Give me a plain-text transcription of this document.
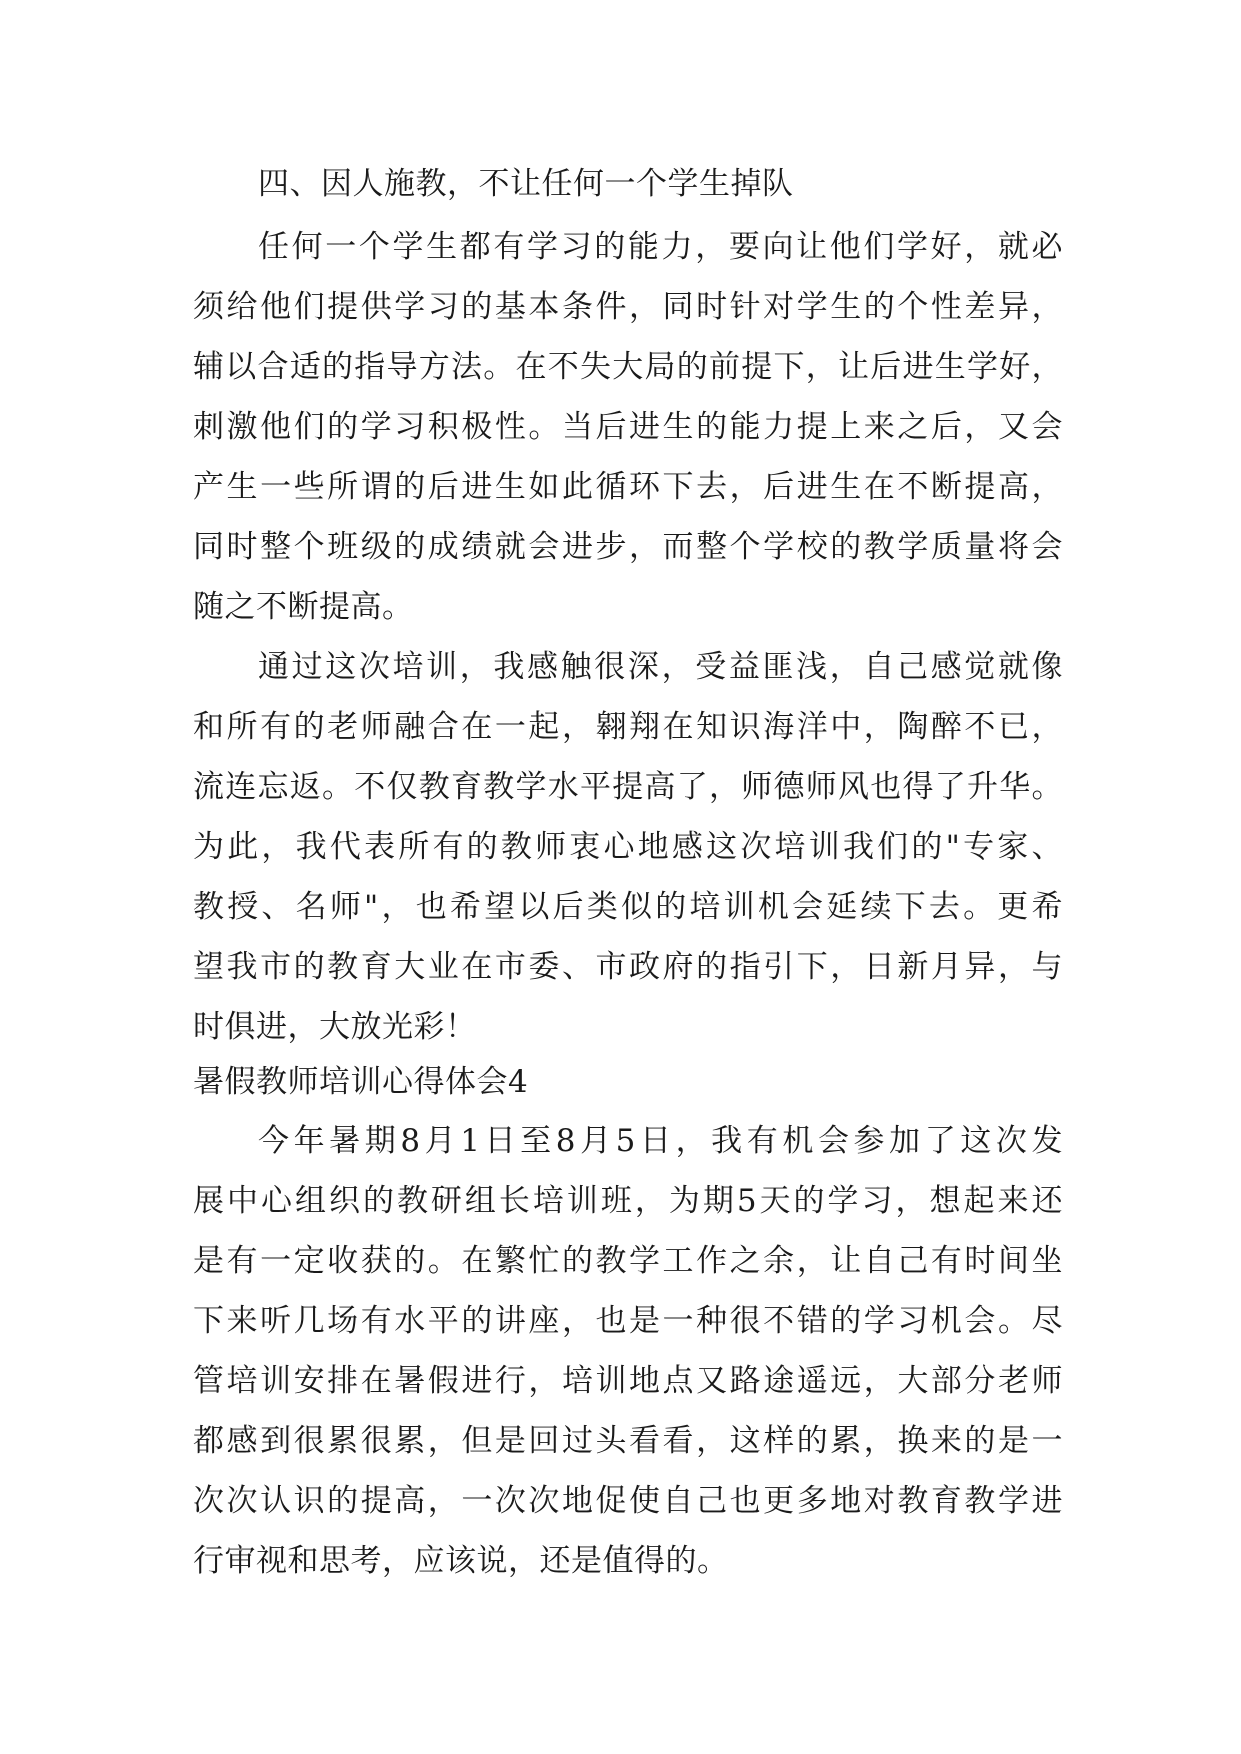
四、因人施教，不让任何一个学生掉队
任何一个学生都有学习的能力，要向让他们学好，就必
须给他们提供学习的基本条件，同时针对学生的个性差异，
辅以合适的指导方法。在不失大局的前提下，让后进生学好，
刺激他们的学习积极性。当后进生的能力提上来之后，又会
产生一些所谓的后进生如此循环下去，后进生在不断提高，
同时整个班级的成绩就会进步，而整个学校的教学质量将会
随之不断提高。
通过这次培训，我感触很深，受益匪浅，自己感觉就像
和所有的老师融合在一起，翱翔在知识海洋中，陶醉不已，
流连忘返。不仅教育教学水平提高了，师德师风也得了升华。
为此，我代表所有的教师衷心地感这次培训我们的"专家、
教授、名师"，也希望以后类似的培训机会延续下去。更希
望我市的教育大业在市委、市政府的指引下，日新月异，与
时俱进，大放光彩！
暑假教师培训心得体会4
今年暑期8月1日至8月5日，我有机会参加了这次发
展中心组织的教研组长培训班，为期5天的学习，想起来还
是有一定收获的。在繁忙的教学工作之余，让自己有时间坐
下来听几场有水平的讲座，也是一种很不错的学习机会。尽
管培训安排在暑假进行，培训地点又路途遥远，大部分老师
都感到很累很累，但是回过头看看，这样的累，换来的是一
次次认识的提高，一次次地促使自己也更多地对教育教学进
行审视和思考，应该说，还是值得的。
